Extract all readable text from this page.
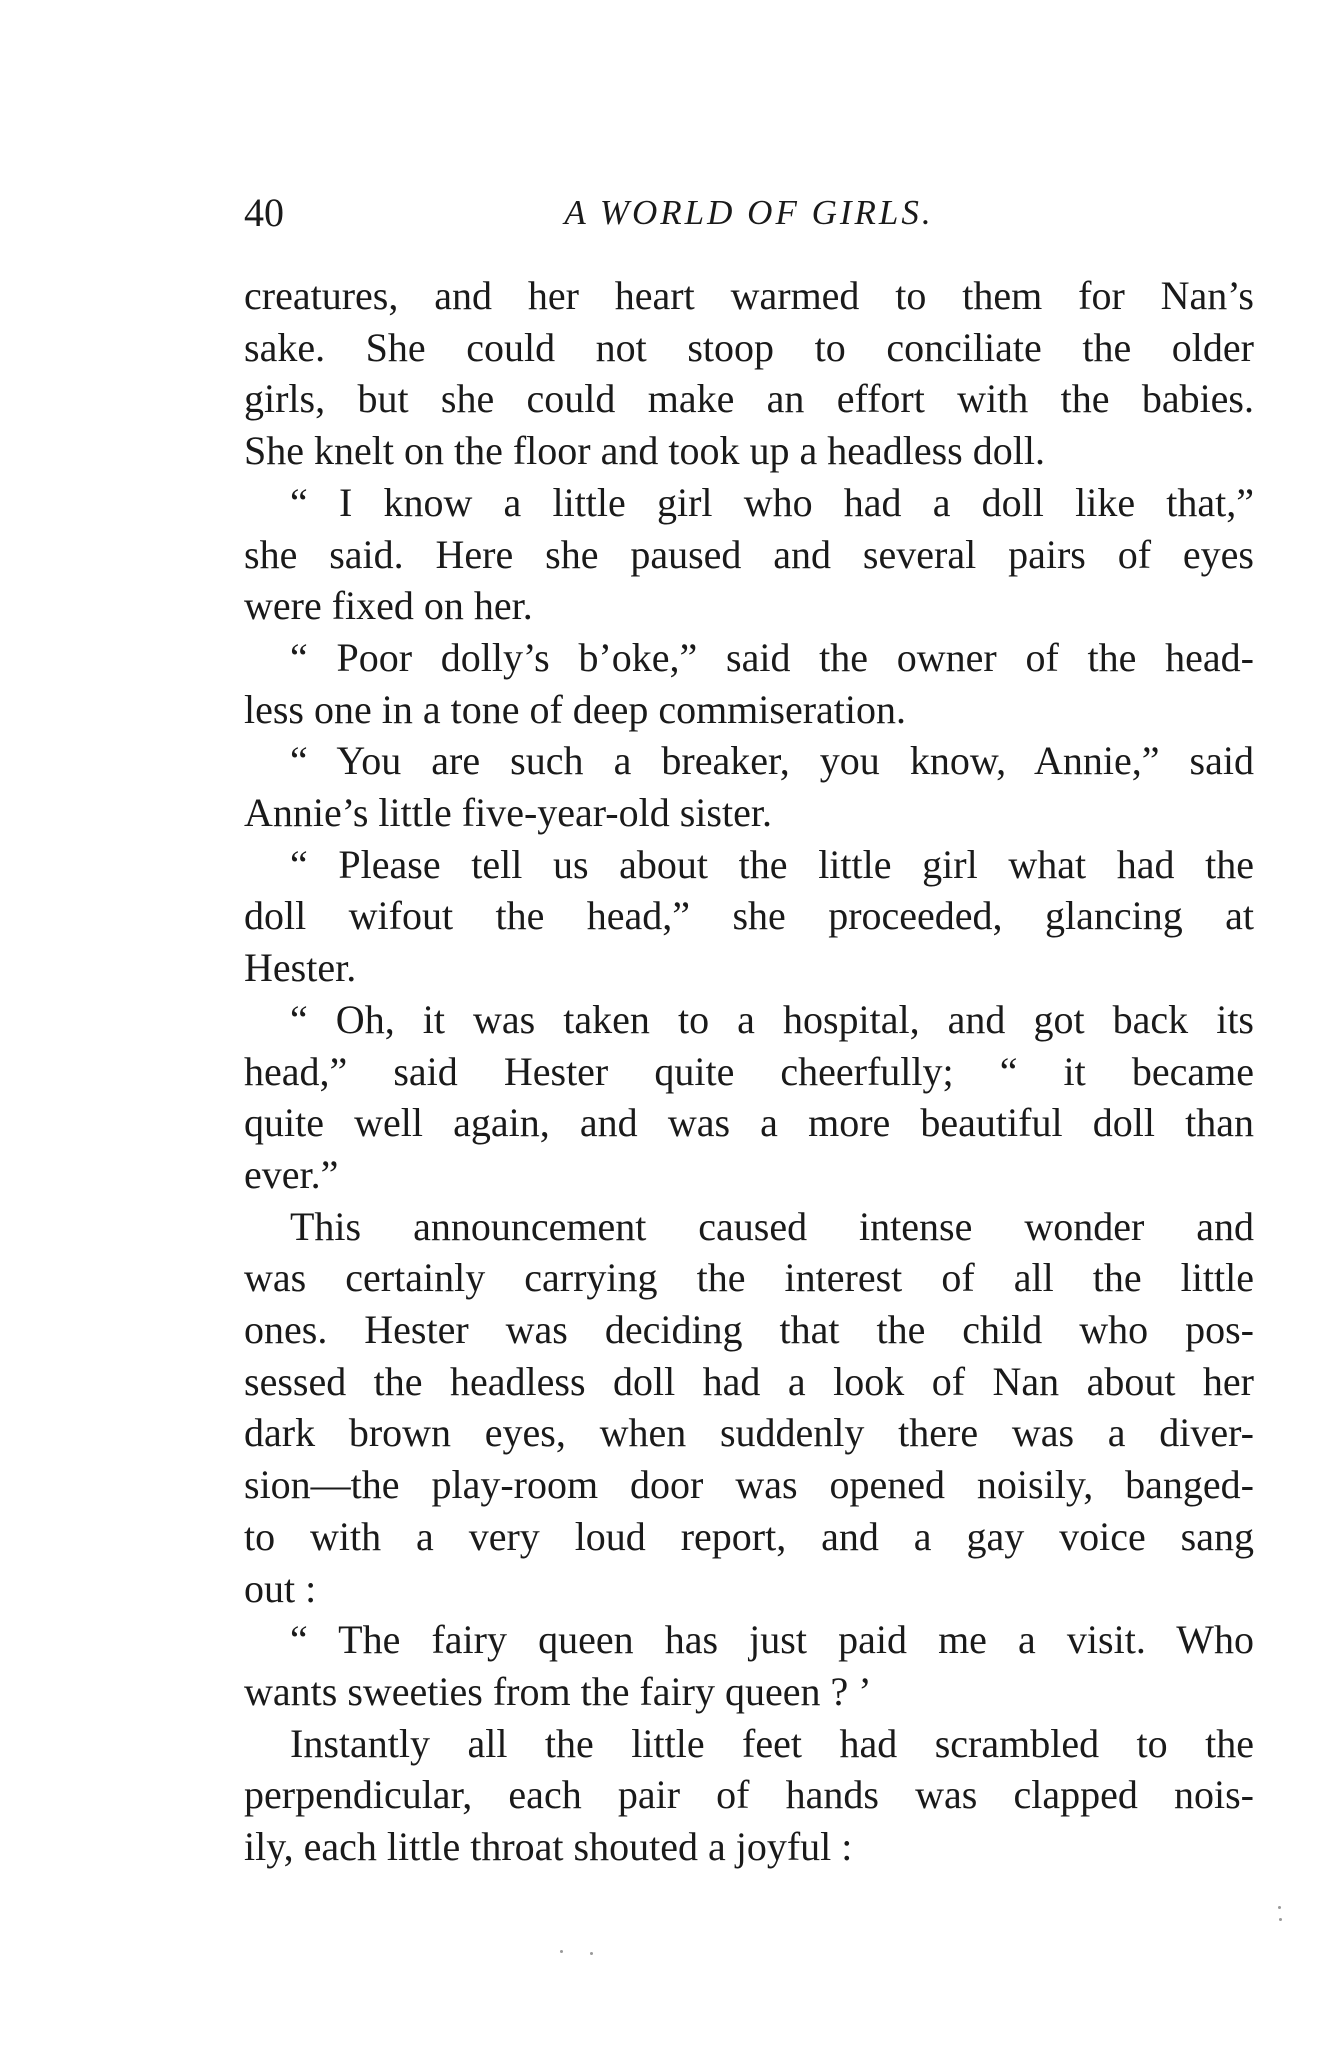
40	A WORLD OF GIRLS.

creatures, and her heart warmed to them for Nan’s
sake. She could not stoop to conciliate the older
girls, but she could make an effort with the babies.
She knelt on the floor and took up a headless doll.

“ I know a little girl who had a doll like that,”
she said. Here she paused and several pairs of eyes
were fixed on her.

“ Poor dolly’s b’oke,” said the owner of the head-
less one in a tone of deep commiseration.

“ You are such a breaker, you know, Annie,” said
Annie’s little five-year-old sister.

“ Please tell us about the little girl what had the
doll wifout the head,” she proceeded, glancing at
Hester.

“ Oh, it was taken to a hospital, and got back its
head,” said Hester quite cheerfully; “ it became
quite well again, and was a more beautiful doll than
ever.”

This announcement caused intense wonder and
was certainly carrying the interest of all the little
ones. Hester was deciding that the child who pos-
sessed the headless doll had a look of Nan about her
dark brown eyes, when suddenly there was a diver-
sion—the play-room door was opened noisily, banged-
to with a very loud report, and a gay voice sang
out :

“ The fairy queen has just paid me a visit. Who
wants sweeties from the fairy queen ? ’

Instantly all the little feet had scrambled to the
perpendicular, each pair of hands was clapped nois-
ily, each little throat shouted a joyful :
